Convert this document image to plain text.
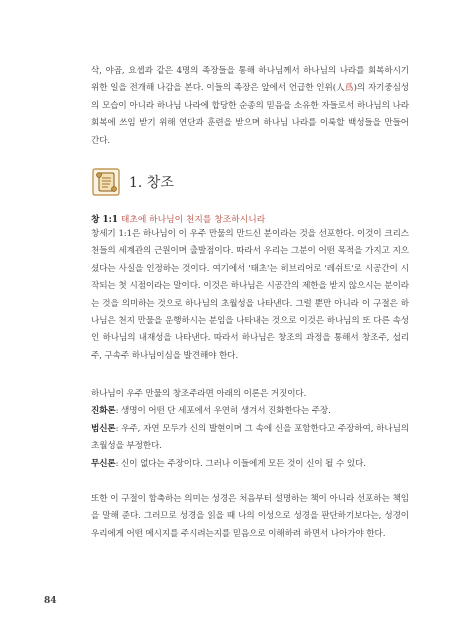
삭, 야곱, 요셉과 같은 4명의 족장들을 통해 하나님께서 하나님의 나라를 회복하시기 위한 일을 전개해 나감을 본다. 이들의 족장은 앞에서 언급한 인위(人爲)의 자기중심성의 모습이 아니라 하나님 나라에 합당한 순종의 믿음을 소유한 자들로서 하나님의 나라 회복에 쓰임 받기 위해 연단과 훈련을 받으며 하나님 나라를 이룩할 백성들을 만들어 간다.

1. 창조

창 1:1 태초에 하나님이 천지를 창조하시니라

창세기 1:1은 하나님이 이 우주 만물의 만드신 분이라는 것을 선포한다. 이것이 크리스천들의 세계관의 근원이며 출발점이다. 따라서 우리는 그분이 어떤 목적을 가지고 지으셨다는 사실을 인정하는 것이다. 여기에서 '태초'는 히브리어로 '레쉬트'로 시공간이 시작되는 첫 시점이라는 말이다. 이것은 하나님은 시공간의 제한을 받지 않으시는 분이라는 것을 의미하는 것으로 하나님의 초월성을 나타낸다. 그럴 뿐만 아니라 이 구절은 하나님은 천지 만물을 운행하시는 분임을 나타내는 것으로 이것은 하나님의 또 다른 속성인 하나님의 내재성을 나타낸다. 따라서 하나님은 창조의 과정을 통해서 창조주, 섭리주, 구속주 하나님이심을 발견해야 한다.

하나님이 우주 만물의 창조주라면 아래의 이론은 거짓이다.
진화론: 생명이 어떤 단 세포에서 우연히 생겨서 진화한다는 주장.
범신론: 우주, 자연 모두가 신의 발현이며 그 속에 신을 포함한다고 주장하여, 하나님의 초월성을 부정한다.
무신론: 신이 없다는 주장이다. 그러나 이들에게 모든 것이 신이 될 수 있다.

또한 이 구절이 함축하는 의미는 성경은 처음부터 설명하는 책이 아니라 선포하는 책임을 말해 준다. 그러므로 성경을 읽을 때 나의 이성으로 성경을 판단하기보다는, 성경이 우리에게 어떤 메시지를 주시려는지를 믿음으로 이해하려 하면서 나아가야 한다.

84
